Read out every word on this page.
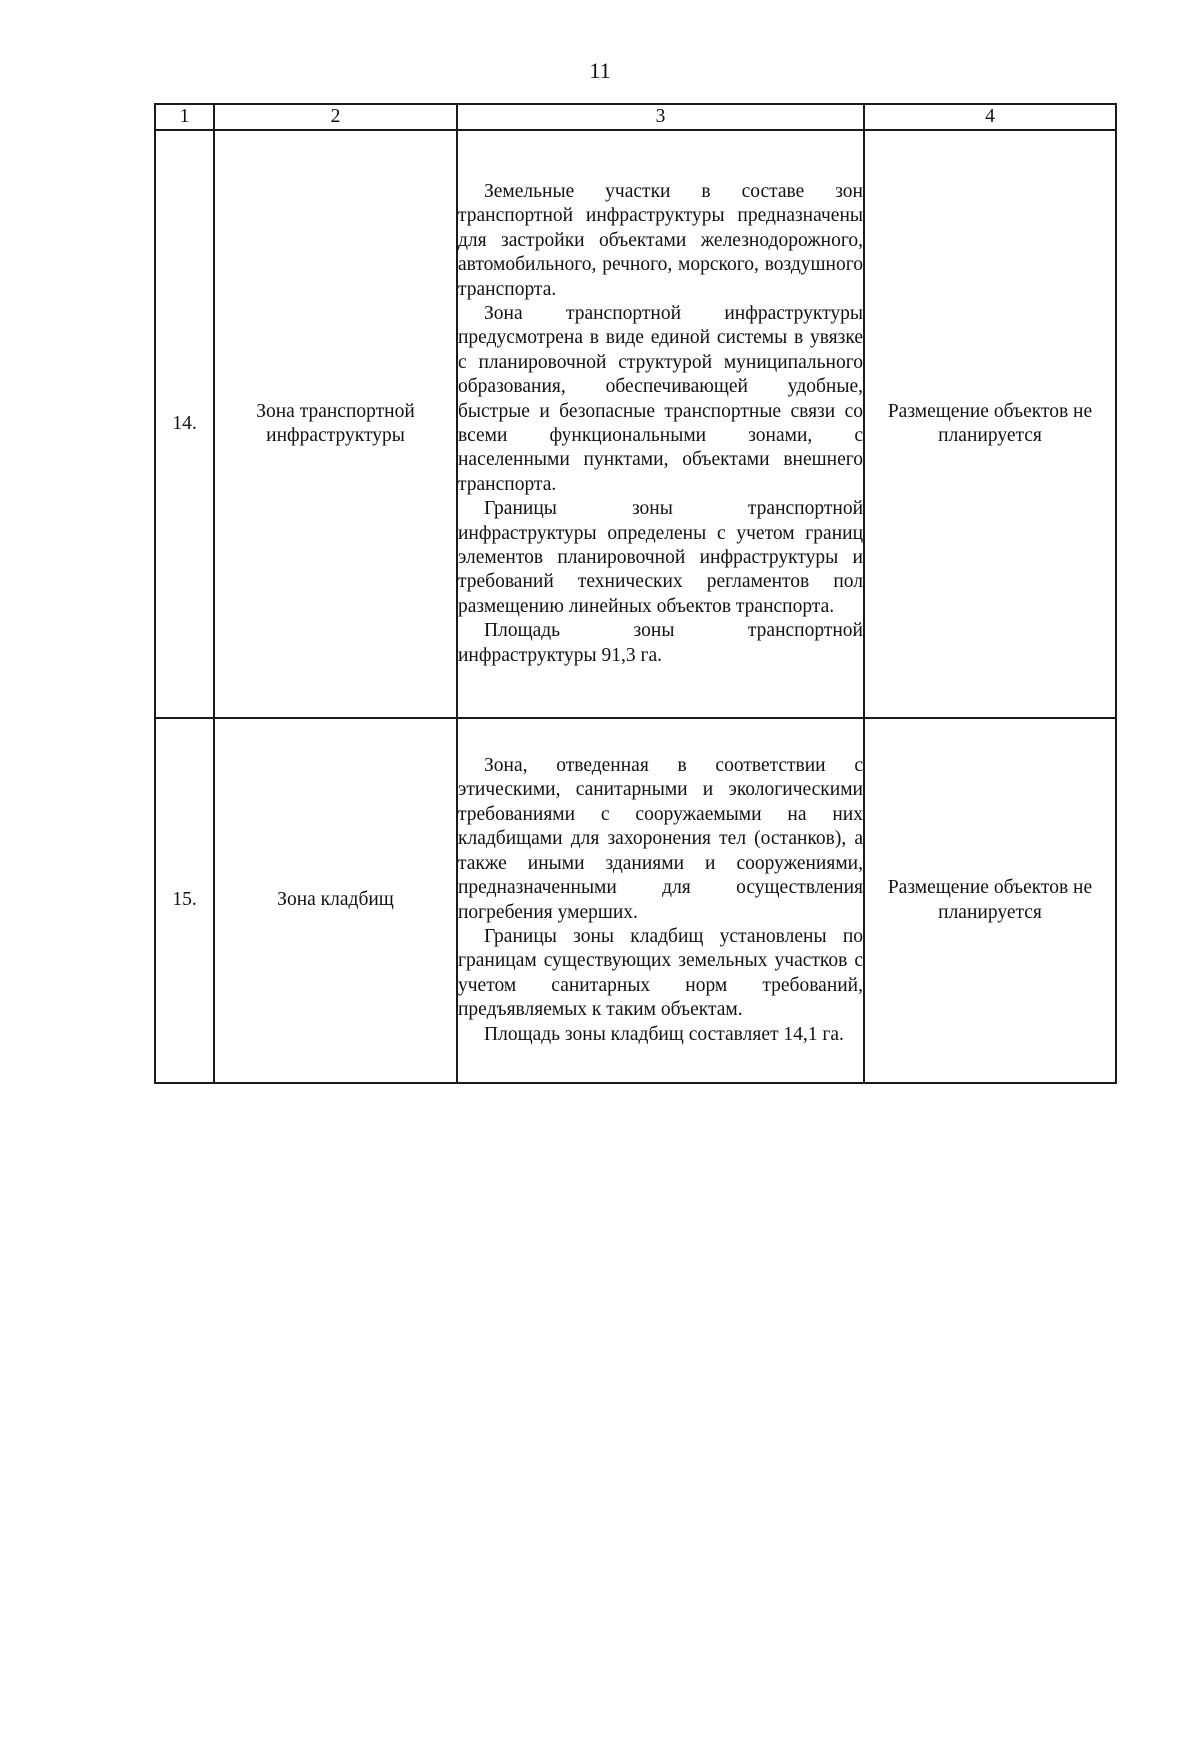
11
1	2	3	4
14.	Зона транспортной инфраструктуры	Земельные участки в составе зон транспортной инфраструктуры предназначены для застройки объектами железнодорожного, автомобильного, речного, морского, воздушного транспорта.

Зона транспортной инфраструктуры предусмотрена в виде единой системы в увязке с планировочной структурой муниципального образования, обеспечивающей удобные, быстрые и безопасные транспортные связи со всеми функциональными зонами, с населенными пунктами, объектами внешнего транспорта.

Границы зоны транспортной инфраструктуры определены с учетом границ элементов планировочной инфраструктуры и требований технических регламентов пол размещению линейных объектов транспорта.

Площадь зоны транспортной инфраструктуры 91,3 га.	Размещение объектов не планируется
15.	Зона кладбищ	Зона, отведенная в соответствии с этическими, санитарными и экологическими требованиями с сооружаемыми на них кладбищами для захоронения тел (останков), а также иными зданиями и сооружениями, предназначенными для осуществления погребения умерших.

Границы зоны кладбищ установлены по границам существующих земельных участков с учетом санитарных норм требований, предъявляемых к таким объектам.

Площадь зоны кладбищ составляет 14,1 га.	Размещение объектов не планируется
